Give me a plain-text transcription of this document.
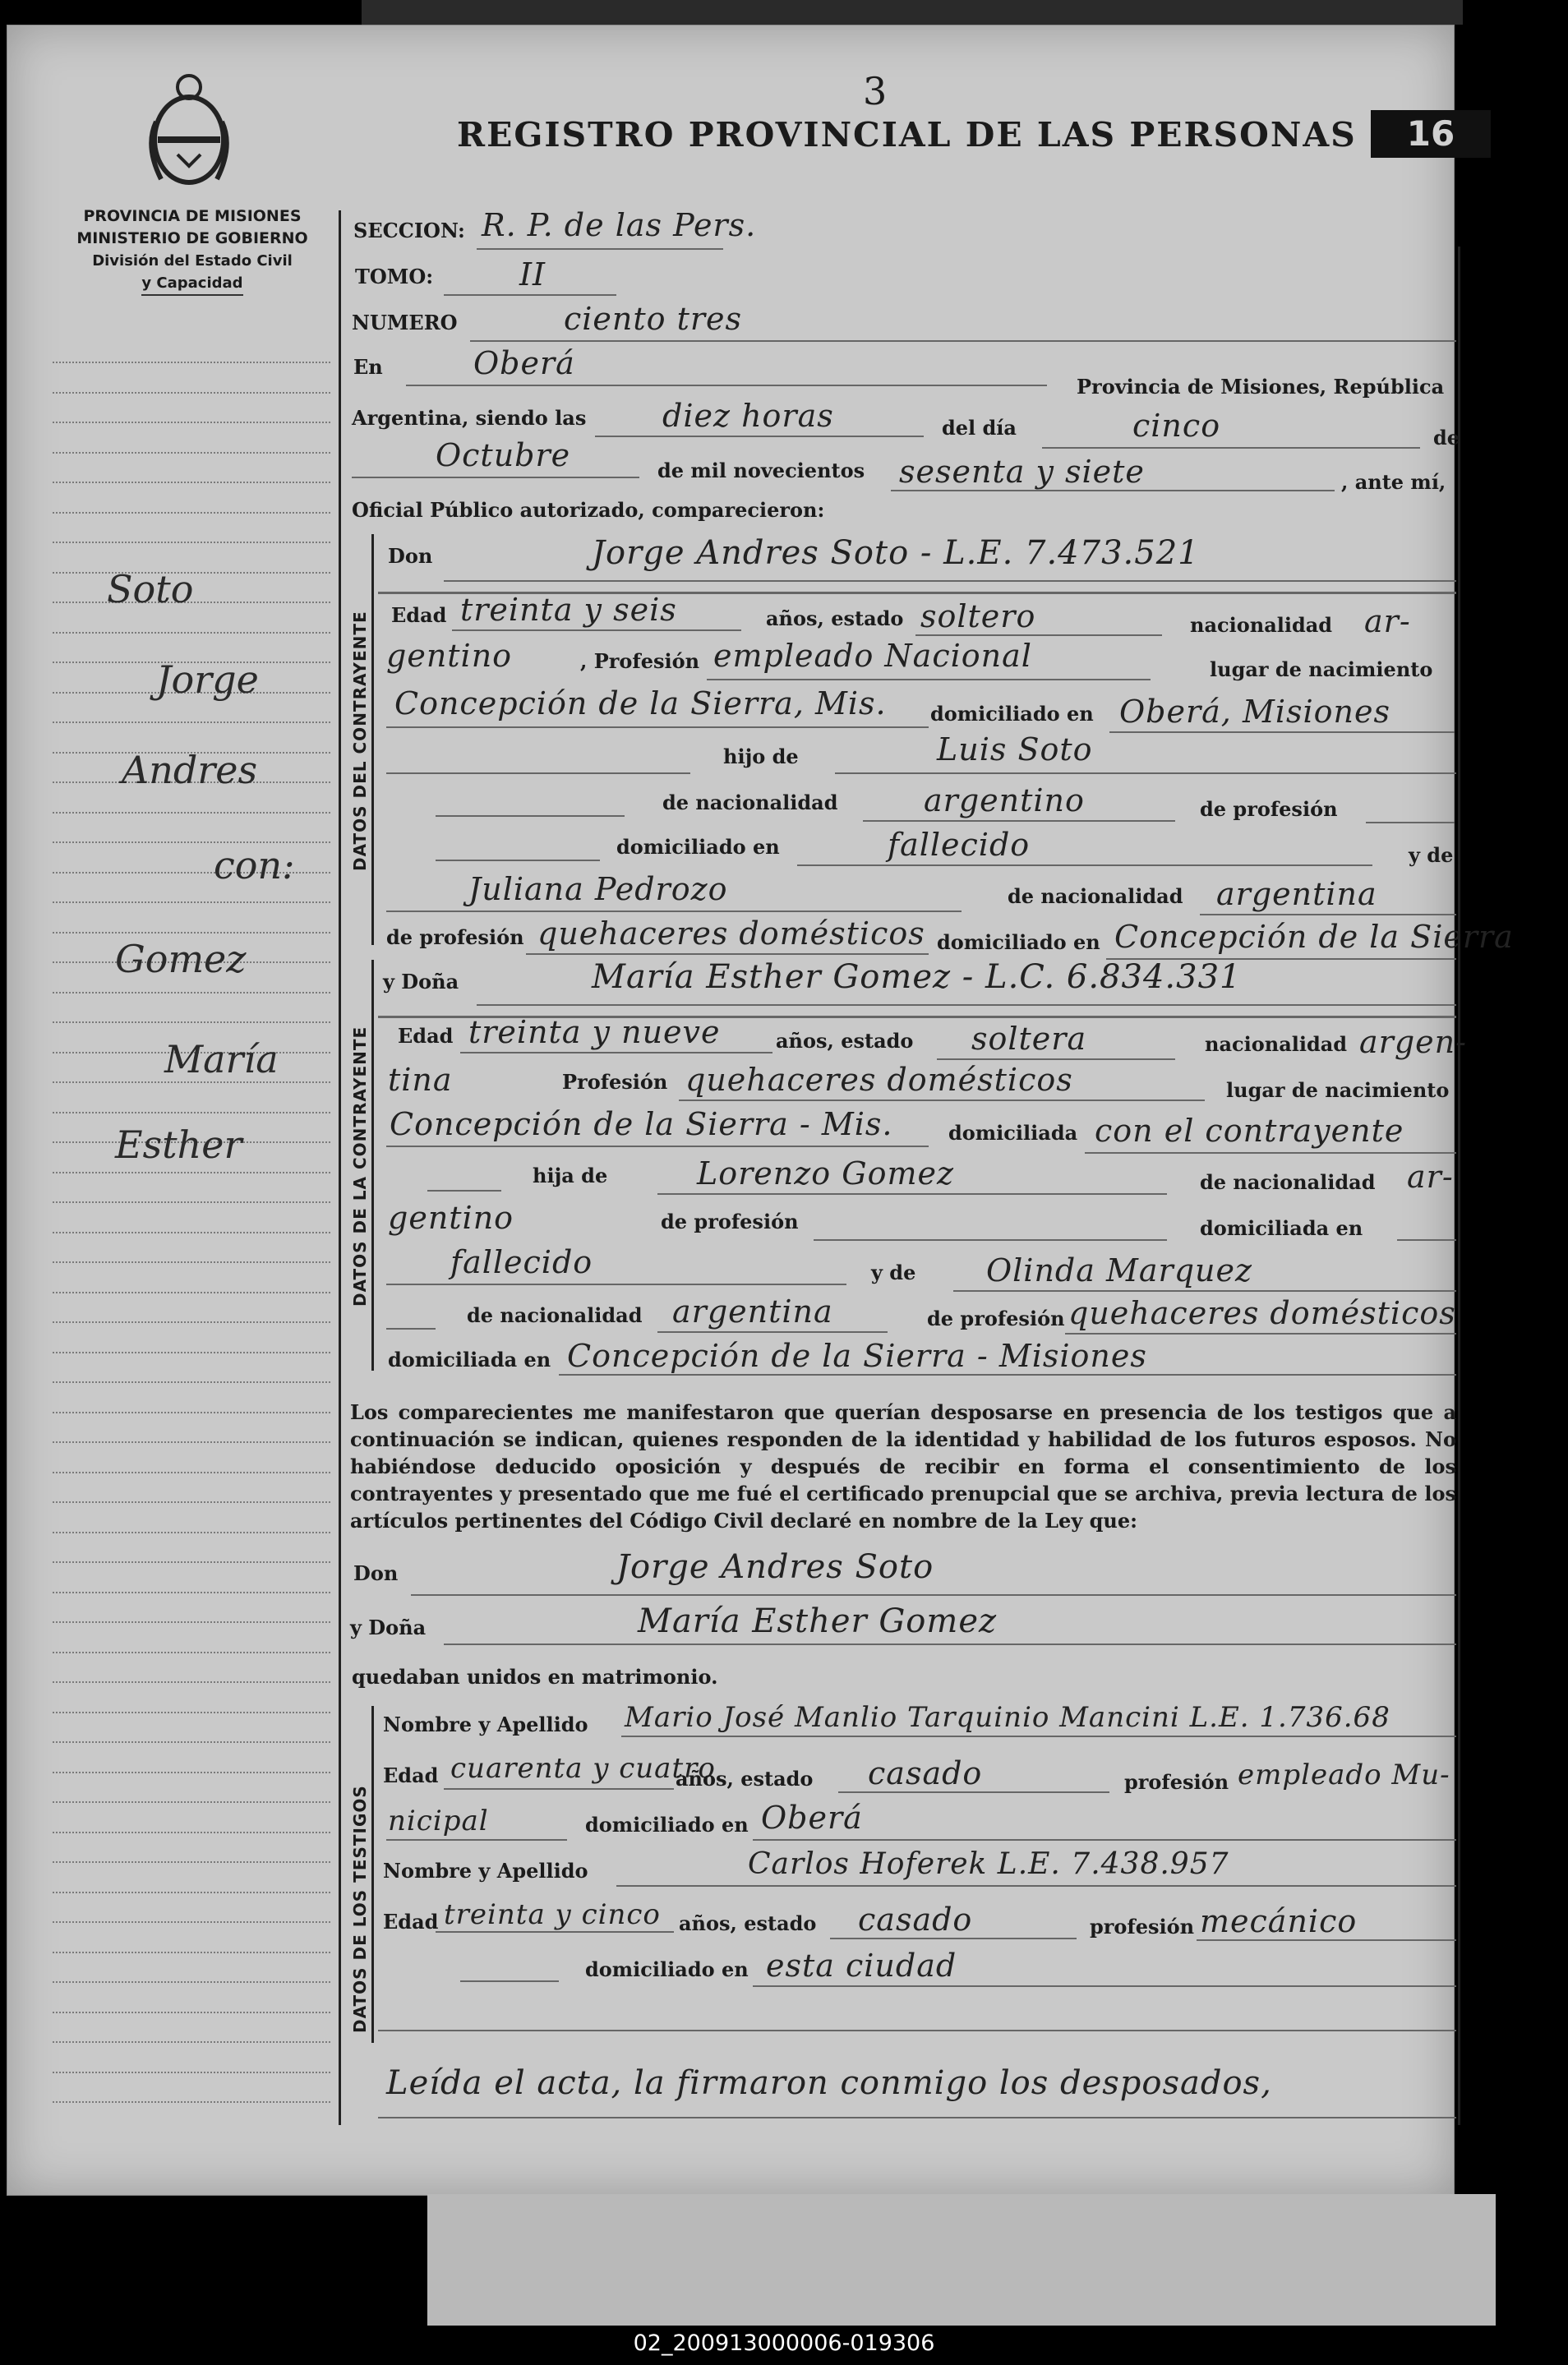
3
REGISTRO PROVINCIAL DE LAS PERSONAS	16
PROVINCIA DE MISIONES
MINISTERIO DE GOBIERNO
División del Estado Civil
y Capacidad
Soto
Jorge
Andres
con:
Gomez
María
Esther
SECCION: R. P. de las Pers.
TOMO:	II
NUMERO	ciento tres
En	Oberá
Provincia de Misiones, República
Argentina, siendo las diez horas	del día	cinco	de
Octubre	de mil novecientos sesenta y siete	, ante mí,
Oficial Público autorizado, comparecieron:
DATOS DEL CONTRAYENTE
Don	Jorge Andres Soto - L.E. 7.473.521
Edad treinta y seis	años, estado soltero	nacionalidad ar-
gentino	, Profesión empleado Nacional	lugar de nacimiento
Concepción de la Sierra, Mis. domiciliado en Oberá, Misiones
hijo de	Luis Soto
de nacionalidad	argentino	de profesión
domiciliado en	fallecido	y de
Juliana Pedrozo	de nacionalidad argentina
de profesión quehaceres domésticos domiciliado en Concepción de la Sierra
DATOS DE LA CONTRAYENTE
y Doña	María Esther Gomez - L.C. 6.834.331
Edad treinta y nueve	años, estado soltera	nacionalidad argen-
tina	Profesión quehaceres domésticos	lugar de nacimiento
Concepción de la Sierra - Mis.	domiciliada con el contrayente
hija de	Lorenzo Gomez	de nacionalidad ar-
gentino	de profesión	domiciliada en
fallecido	y de Olinda Marquez
de nacionalidad argentina	de profesión quehaceres domésticos
domiciliada en Concepción de la Sierra - Misiones
Los comparecientes me manifestaron que querían desposarse en presencia de los testigos que a continuación se indican, quienes responden de la identidad y habilidad de los futuros esposos. No habiéndose deducido oposición y después de recibir en forma el consentimiento de los contrayentes y presentado que me fué el certificado prenupcial que se archiva, previa lectura de los artículos pertinentes del Código Civil declaré en nombre de la Ley que:
Don	Jorge Andres Soto
y Doña	María Esther Gomez
quedaban unidos en matrimonio.
DATOS DE LOS TESTIGOS
Nombre y Apellido Mario José Manlio Tarquinio Mancini L.E. 1.736.68
Edad cuarenta y cuatro
años, estado casado	profesión empleado Mu-
nicipal	domiciliado en Oberá
Nombre y Apellido	Carlos Hoferek L.E. 7.438.957
Edad treinta y cinco años, estado casado	profesión mecánico
domiciliado en esta ciudad
Leída el acta, la firmaron conmigo los desposados,
02_200913000006-019306
